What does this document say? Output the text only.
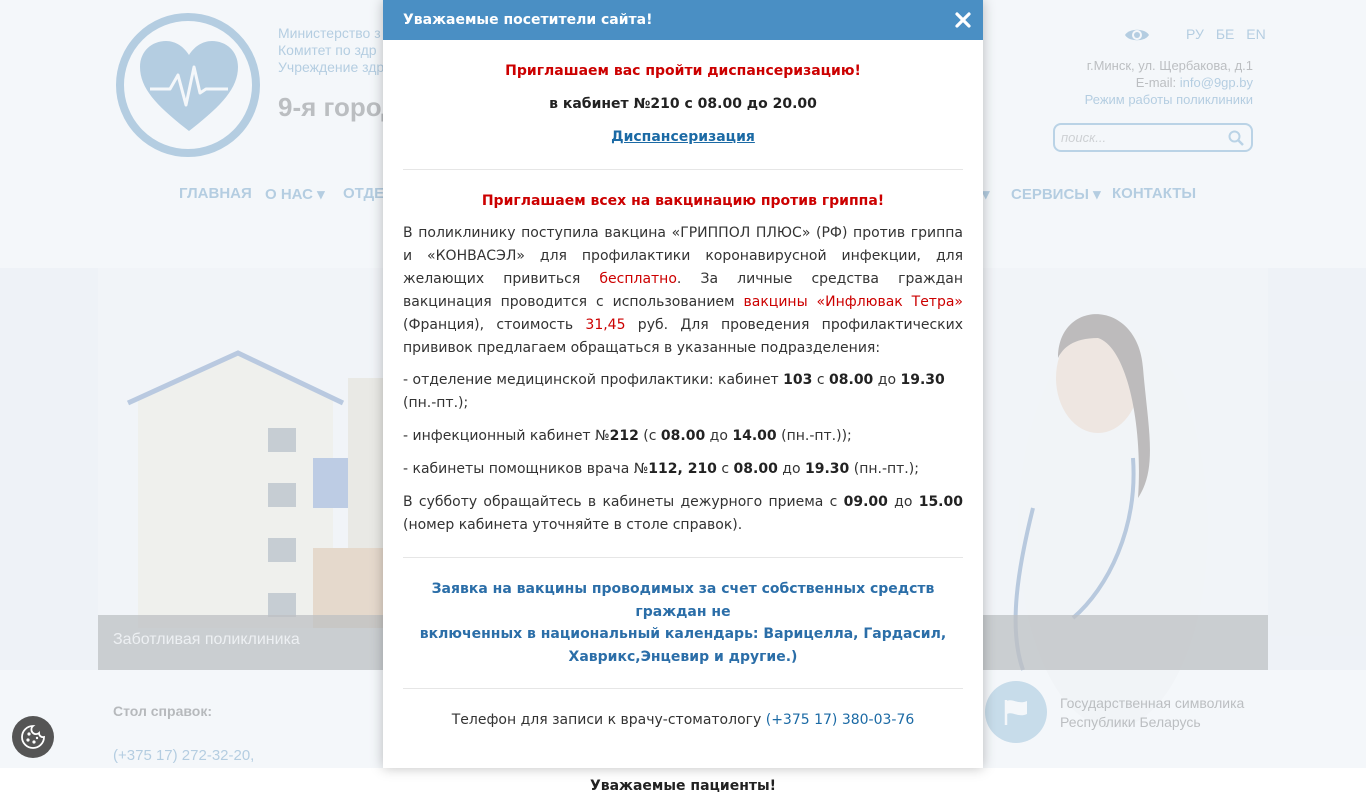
поиск...
Уважаемые посетители сайта!
Приглашаем вас пройти диспансеризацию!
в кабинет №210 с 08.00 до 20.00
Диспансеризация
Приглашаем всех на вакцинацию против гриппа!
В поликлинику поступила вакцина «ГРИППОЛ ПЛЮС» (РФ) против гриппа и «КОНВАСЭЛ» для профилактики коронавирусной инфекции, для желающих привиться бесплатно. За личные средства граждан вакцинация проводится с использованием вакцины «Инфлювак Тетра» (Франция), стоимость 31,45 руб. Для проведения профилактических прививок предлагаем обращаться в указанные подразделения:
- отделение медицинской профилактики: кабинет 103 с 08.00 до 19.30 (пн.-пт.);
- инфекционный кабинет №212 (с 08.00 до 14.00 (пн.-пт.));
- кабинеты помощников врача №112, 210 с 08.00 до 19.30 (пн.-пт.);
В субботу обращайтесь в кабинеты дежурного приема с 09.00 до 15.00 (номер кабинета уточняйте в столе справок).
Заявка на вакцины проводимых за счет собственных средств граждан не
включенных в национальный календарь: Варицелла, Гардасил,
Хаврикс,Энцевир и другие.)
Телефон для записи к врачу-стоматологу (+375 17) 380-03-76
Уважаемые пациенты!
